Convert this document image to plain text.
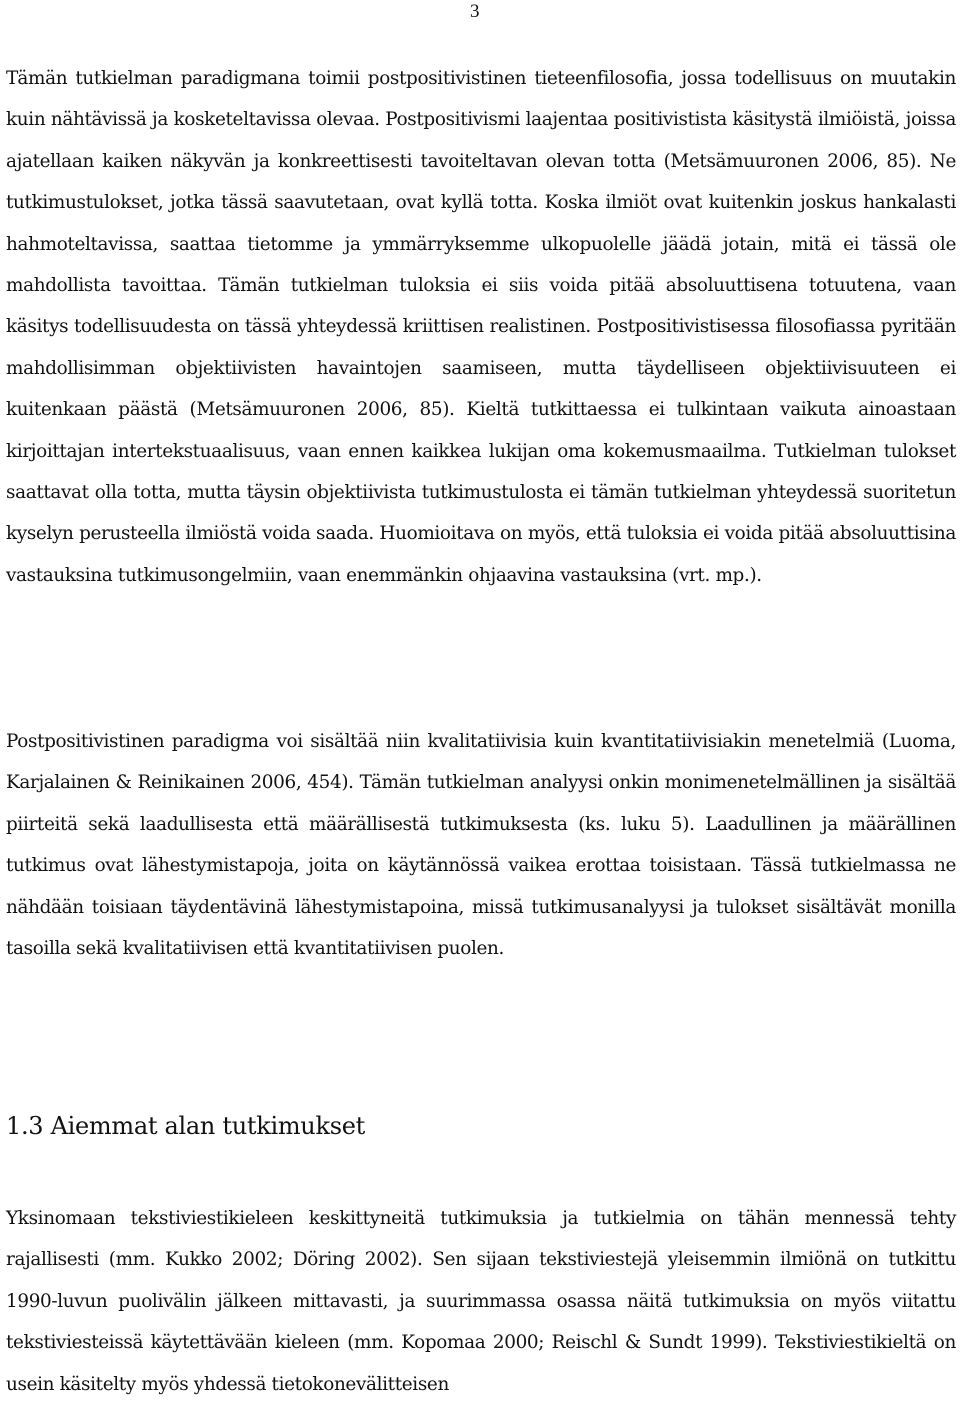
3

Tämän tutkielman paradigmana toimii postpositivistinen tieteenfilosofia, jossa todellisuus on muutakin kuin nähtävissä ja kosketeltavissa olevaa. Postpositivismi laajentaa positivistista käsitystä ilmiöistä, joissa ajatellaan kaiken näkyvän ja konkreettisesti tavoiteltavan olevan totta (Metsämuuronen 2006, 85). Ne tutkimustulokset, jotka tässä saavutetaan, ovat kyllä totta. Koska ilmiöt ovat kuitenkin joskus hankalasti hahmoteltavissa, saattaa tietomme ja ymmärryksemme ulkopuolelle jäädä jotain, mitä ei tässä ole mahdollista tavoittaa. Tämän tutkielman tuloksia ei siis voida pitää absoluuttisena totuutena, vaan käsitys todellisuudesta on tässä yhteydessä kriittisen realistinen. Postpositivistisessa filosofiassa pyritään mahdollisimman objektiivisten havaintojen saamiseen, mutta täydelliseen objektiivisuuteen ei kuitenkaan päästä (Metsämuuronen 2006, 85). Kieltä tutkittaessa ei tulkintaan vaikuta ainoastaan kirjoittajan intertekstuaalisuus, vaan ennen kaikkea lukijan oma kokemusmaailma. Tutkielman tulokset saattavat olla totta, mutta täysin objektiivista tutkimustulosta ei tämän tutkielman yhteydessä suoritetun kyselyn perusteella ilmiöstä voida saada. Huomioitava on myös, että tuloksia ei voida pitää absoluuttisina vastauksina tutkimusongelmiin, vaan enemmänkin ohjaavina vastauksina (vrt. mp.).

Postpositivistinen paradigma voi sisältää niin kvalitatiivisia kuin kvantitatiivisiakin menetelmiä (Luoma, Karjalainen & Reinikainen 2006, 454). Tämän tutkielman analyysi onkin monimenetelmällinen ja sisältää piirteitä sekä laadullisesta että määrällisestä tutkimuksesta (ks. luku 5). Laadullinen ja määrällinen tutkimus ovat lähestymistapoja, joita on käytännössä vaikea erottaa toisistaan. Tässä tutkielmassa ne nähdään toisiaan täydentävinä lähestymistapoina, missä tutkimusanalyysi ja tulokset sisältävät monilla tasoilla sekä kvalitatiivisen että kvantitatiivisen puolen.

1.3 Aiemmat alan tutkimukset

Yksinomaan tekstiviestikieleen keskittyneitä tutkimuksia ja tutkielmia on tähän mennessä tehty rajallisesti (mm. Kukko 2002; Döring 2002). Sen sijaan tekstiviestejä yleisemmin ilmiönä on tutkittu 1990-luvun puolivälin jälkeen mittavasti, ja suurimmassa osassa näitä tutkimuksia on myös viitattu tekstiviesteissä käytettävään kieleen (mm. Kopomaa 2000; Reischl & Sundt 1999). Tekstiviestikieltä on usein käsitelty myös yhdessä tietokonevälitteisen
